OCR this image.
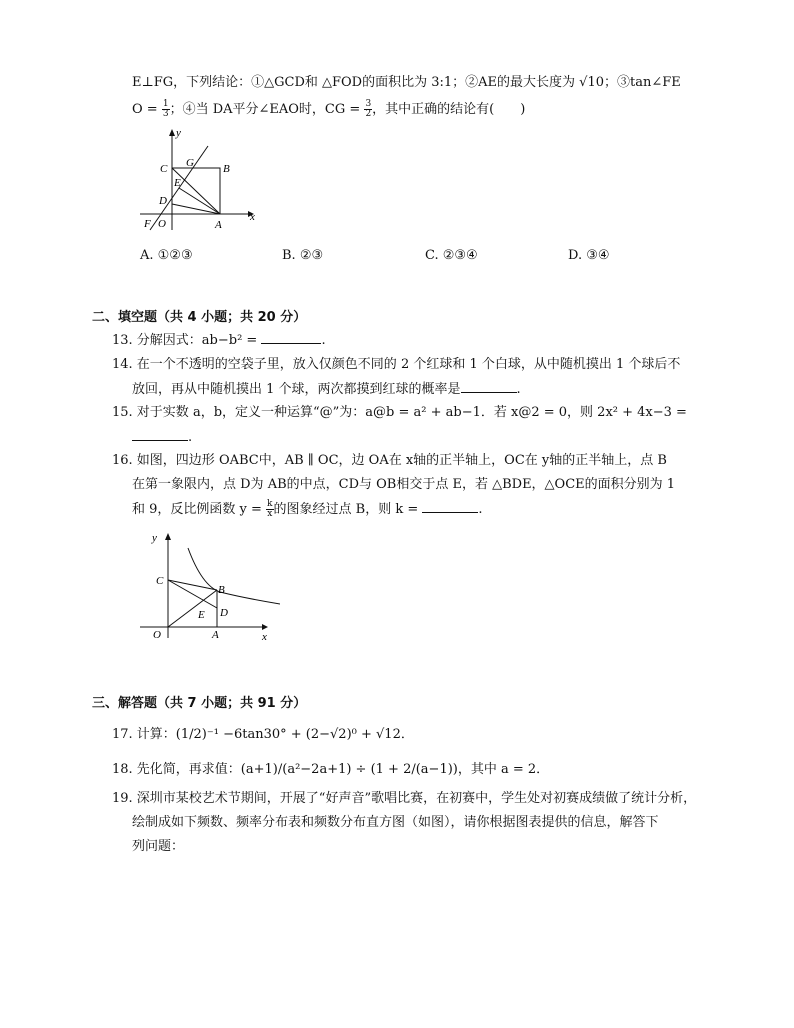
E⊥FG，下列结论：①△GCD和 △FOD的面积比为 3:1；②AE的最大长度为 √10；③tan∠FE
$O = \frac{1}{3}$ ；④当 DA平分∠EAO时，CG = $\frac{3}{2}$ ，其中正确的结论有(　　)
y
C G	B
E
D
F O	A
x
A. ①②③	B. ②③	C. ②③④	D. ③④
二、填空题（共 4 小题；共 20 分）
13. 分解因式：ab−b² =	.
14. 在一个不透明的空袋子里，放入仅颜色不同的 2 个红球和 1 个白球，从中随机摸出 1 个球后不
放回，再从中随机摸出 1 个球，两次都摸到红球的概率是	.
15. 对于实数 a，b，定义一种运算“@”为：a@b = a² + ab−1．若 x@2 = 0，则 2x² + 4x−3 =
.
16. 如图，四边形 OABC中，AB ∥ OC，边 OA在 x轴的正半轴上，OC在 y轴的正半轴上，点 B
在第一象限内，点 D为 AB的中点，CD与 OB相交于点 E，若 △BDE，△OCE的面积分别为 1
和 9，反比例函数 $y = \frac{k}{x}$ 的图象经过点 B，则 k =	.
y
C
B
E D
O	A	x
三、解答题（共 7 小题；共 91 分）
17. 计算：(1/2)⁻¹ −6tan30° + (2−√2)⁰ + √12．
18. 先化简，再求值：(a+1)/(a²−2a+1) ÷ (1 + 2/(a−1))，其中 a = 2．
19. 深圳市某校艺术节期间，开展了“好声音”歌唱比赛，在初赛中，学生处对初赛成绩做了统计分析，
绘制成如下频数、频率分布表和频数分布直方图（如图），请你根据图表提供的信息，解答下
列问题：
